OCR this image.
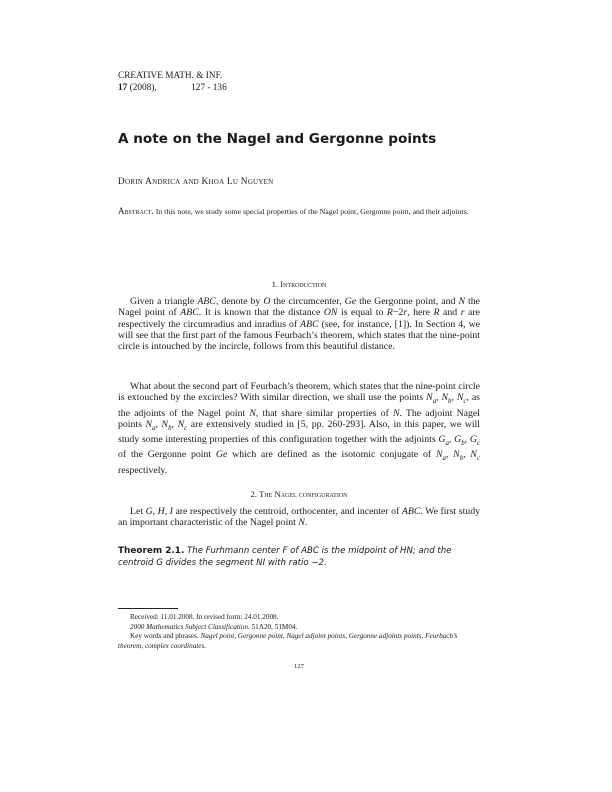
CREATIVE MATH. & INF.
17 (2008),	127 - 136
A note on the Nagel and Gergonne points
Dorin Andrica and Khoa Lu Nguyen
Abstract. In this note, we study some special properties of the Nagel point, Gergonne point, and their adjoints.
1. Introduction
Given a triangle ABC, denote by O the circumcenter, Ge the Gergonne point, and N the Nagel point of ABC. It is known that the distance ON is equal to R−2r, here R and r are respectively the circumradius and inradius of ABC (see, for instance, [1]). In Section 4, we will see that the first part of the famous Feurbach’s theorem, which states that the nine-point circle is intouched by the incircle, follows from this beautiful distance.
What about the second part of Feurbach’s theorem, which states that the nine-point circle is extouched by the excircles? With similar direction, we shall use the points $N_a$, $N_b$, $N_c$, as the adjoints of the Nagel point N, that share similar properties of N. The adjoint Nagel points $N_a$, $N_b$, $N_c$ are extensively studied in [5, pp. 260-293]. Also, in this paper, we will study some interesting properties of this configuration together with the adjoints $G_a$, $G_b$, $G_c$ of the Gergonne point Ge which are defined as the isotomic conjugate of $N_a$, $N_b$, $N_c$ respectively.
2. The Nagel configuration
Let G, H, I are respectively the centroid, orthocenter, and incenter of ABC. We first study an important characteristic of the Nagel point N.
Theorem 2.1. The Furhmann center F of ABC is the midpoint of HN; and the centroid G divides the segment NI with ratio −2.
Received: 11.01.2008. In revised form: 24.01.2008.
2000 Mathematics Subject Classification. 51A20, 51M04.
Key words and phrases. Nagel point, Gergonne point, Nagel adjoint points, Gergonne adjoints points, Feurbach’s theorem, complex coordinates.
127
